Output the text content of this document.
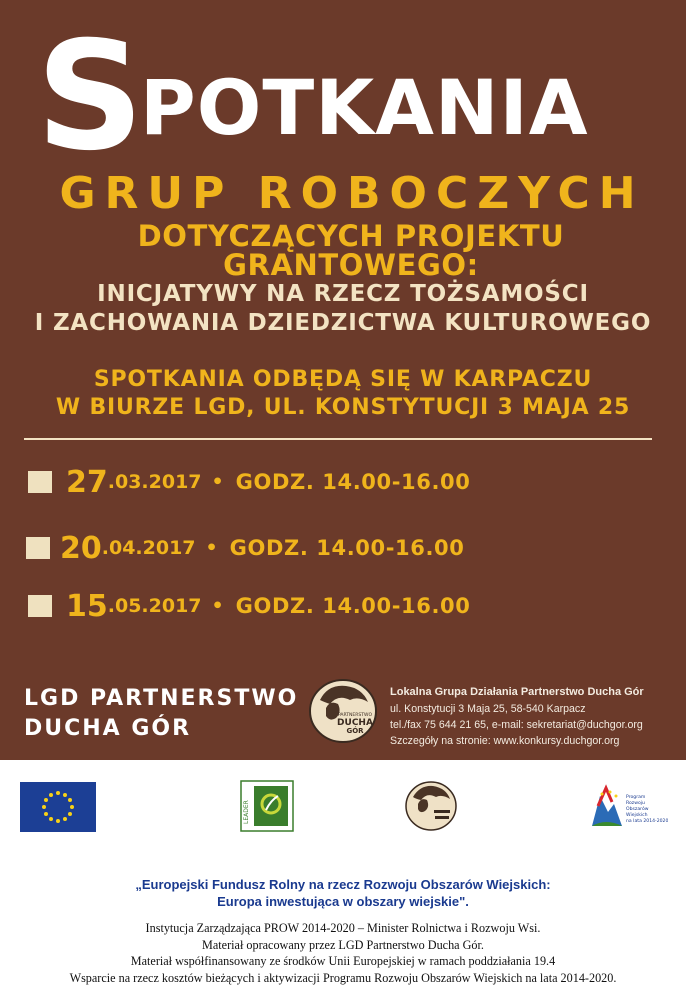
SPOTKANIA
GRUP ROBOCZYCH
DOTYCZĄCYCH PROJEKTU GRANTOWEGO:
INICJATYWY NA RZECZ TOŻSAMOŚCI
I ZACHOWANIA DZIEDZICTWA KULTUROWEGO
SPOTKANIA ODBĘDĄ SIĘ W KARPACZU
W BIURZE LGD, UL. KONSTYTUCJI 3 MAJA 25
27 .03.2017 • GODZ. 14.00-16.00
20 .04.2017 • GODZ. 14.00-16.00
15 .05.2017 • GODZ. 14.00-16.00
LGD PARTNERSTWO
DUCHA GÓR
PARTNERSTWO
DUCHA
GÓR
Lokalna Grupa Działania Partnerstwo Ducha Gór
ul. Konstytucji 3 Maja 25, 58-540 Karpacz
tel./fax 75 644 21 65, e-mail: sekretariat@duchgor.org
Szczegóły na stronie: www.konkursy.duchgor.org
LEADER
Program
Rozwoju
Obszarów
Wiejskich
na lata 2014-2020
„Europejski Fundusz Rolny na rzecz Rozwoju Obszarów Wiejskich:
Europa inwestująca w obszary wiejskie".
Instytucja Zarządzająca PROW 2014-2020 – Minister Rolnictwa i Rozwoju Wsi.
Materiał opracowany przez LGD Partnerstwo Ducha Gór.
Materiał współfinansowany ze środków Unii Europejskiej w ramach poddziałania 19.4
Wsparcie na rzecz kosztów bieżących i aktywizacji Programu Rozwoju Obszarów Wiejskich na lata 2014-2020.
